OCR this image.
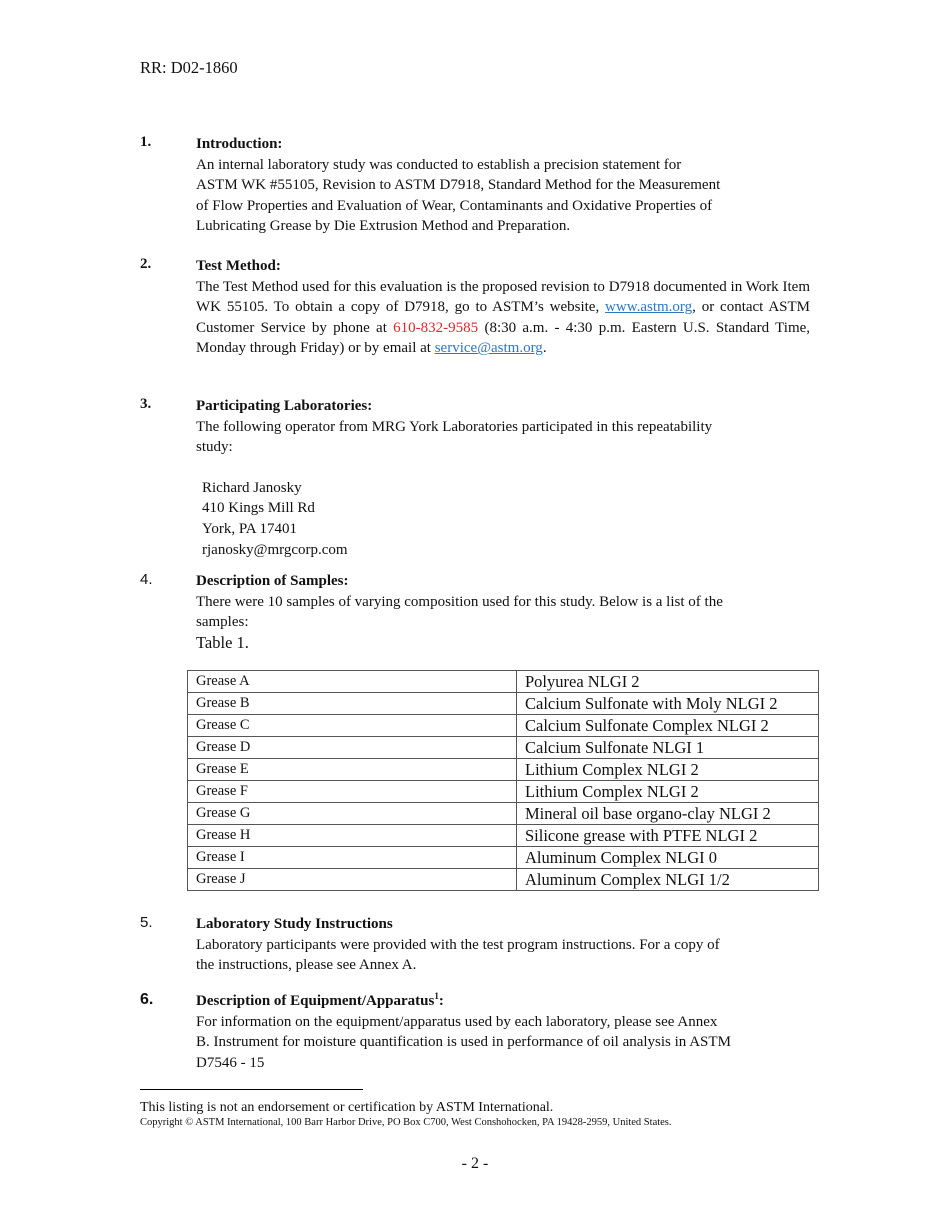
RR: D02-1860
1.	Introduction:
An internal laboratory study was conducted to establish a precision statement for
ASTM WK #55105, Revision to ASTM D7918, Standard Method for the Measurement
of Flow Properties and Evaluation of Wear, Contaminants and Oxidative Properties of
Lubricating Grease by Die Extrusion Method and Preparation.
2.	Test Method:
The Test Method used for this evaluation is the proposed revision to D7918 documented in Work Item WK 55105. To obtain a copy of D7918, go to ASTM’s website, www.astm.org, or contact ASTM Customer Service by phone at 610-832-9585 (8:30 a.m. - 4:30 p.m. Eastern U.S. Standard Time, Monday through Friday) or by email at service@astm.org.
3.	Participating Laboratories:
The following operator from MRG York Laboratories participated in this repeatability
study:
Richard Janosky
410 Kings Mill Rd
York, PA 17401
rjanosky@mrgcorp.com
4.	Description of Samples:
There were 10 samples of varying composition used for this study. Below is a list of the
samples:
Table 1.
Grease A	Polyurea NLGI 2
Grease B	Calcium Sulfonate with Moly NLGI 2
Grease C	Calcium Sulfonate Complex NLGI 2
Grease D	Calcium Sulfonate NLGI 1
Grease E	Lithium Complex NLGI 2
Grease F	Lithium Complex NLGI 2
Grease G	Mineral oil base organo-clay NLGI 2
Grease H	Silicone grease with PTFE NLGI 2
Grease I	Aluminum Complex NLGI 0
Grease J	Aluminum Complex NLGI 1/2
5.	Laboratory Study Instructions
Laboratory participants were provided with the test program instructions. For a copy of
the instructions, please see Annex A.
6.	Description of Equipment/Apparatus$^1$:
For information on the equipment/apparatus used by each laboratory, please see Annex
B. Instrument for moisture quantification is used in performance of oil analysis in ASTM
D7546 - 15
This listing is not an endorsement or certification by ASTM International.
Copyright © ASTM International, 100 Barr Harbor Drive, PO Box C700, West Conshohocken, PA 19428-2959, United States.
- 2 -
